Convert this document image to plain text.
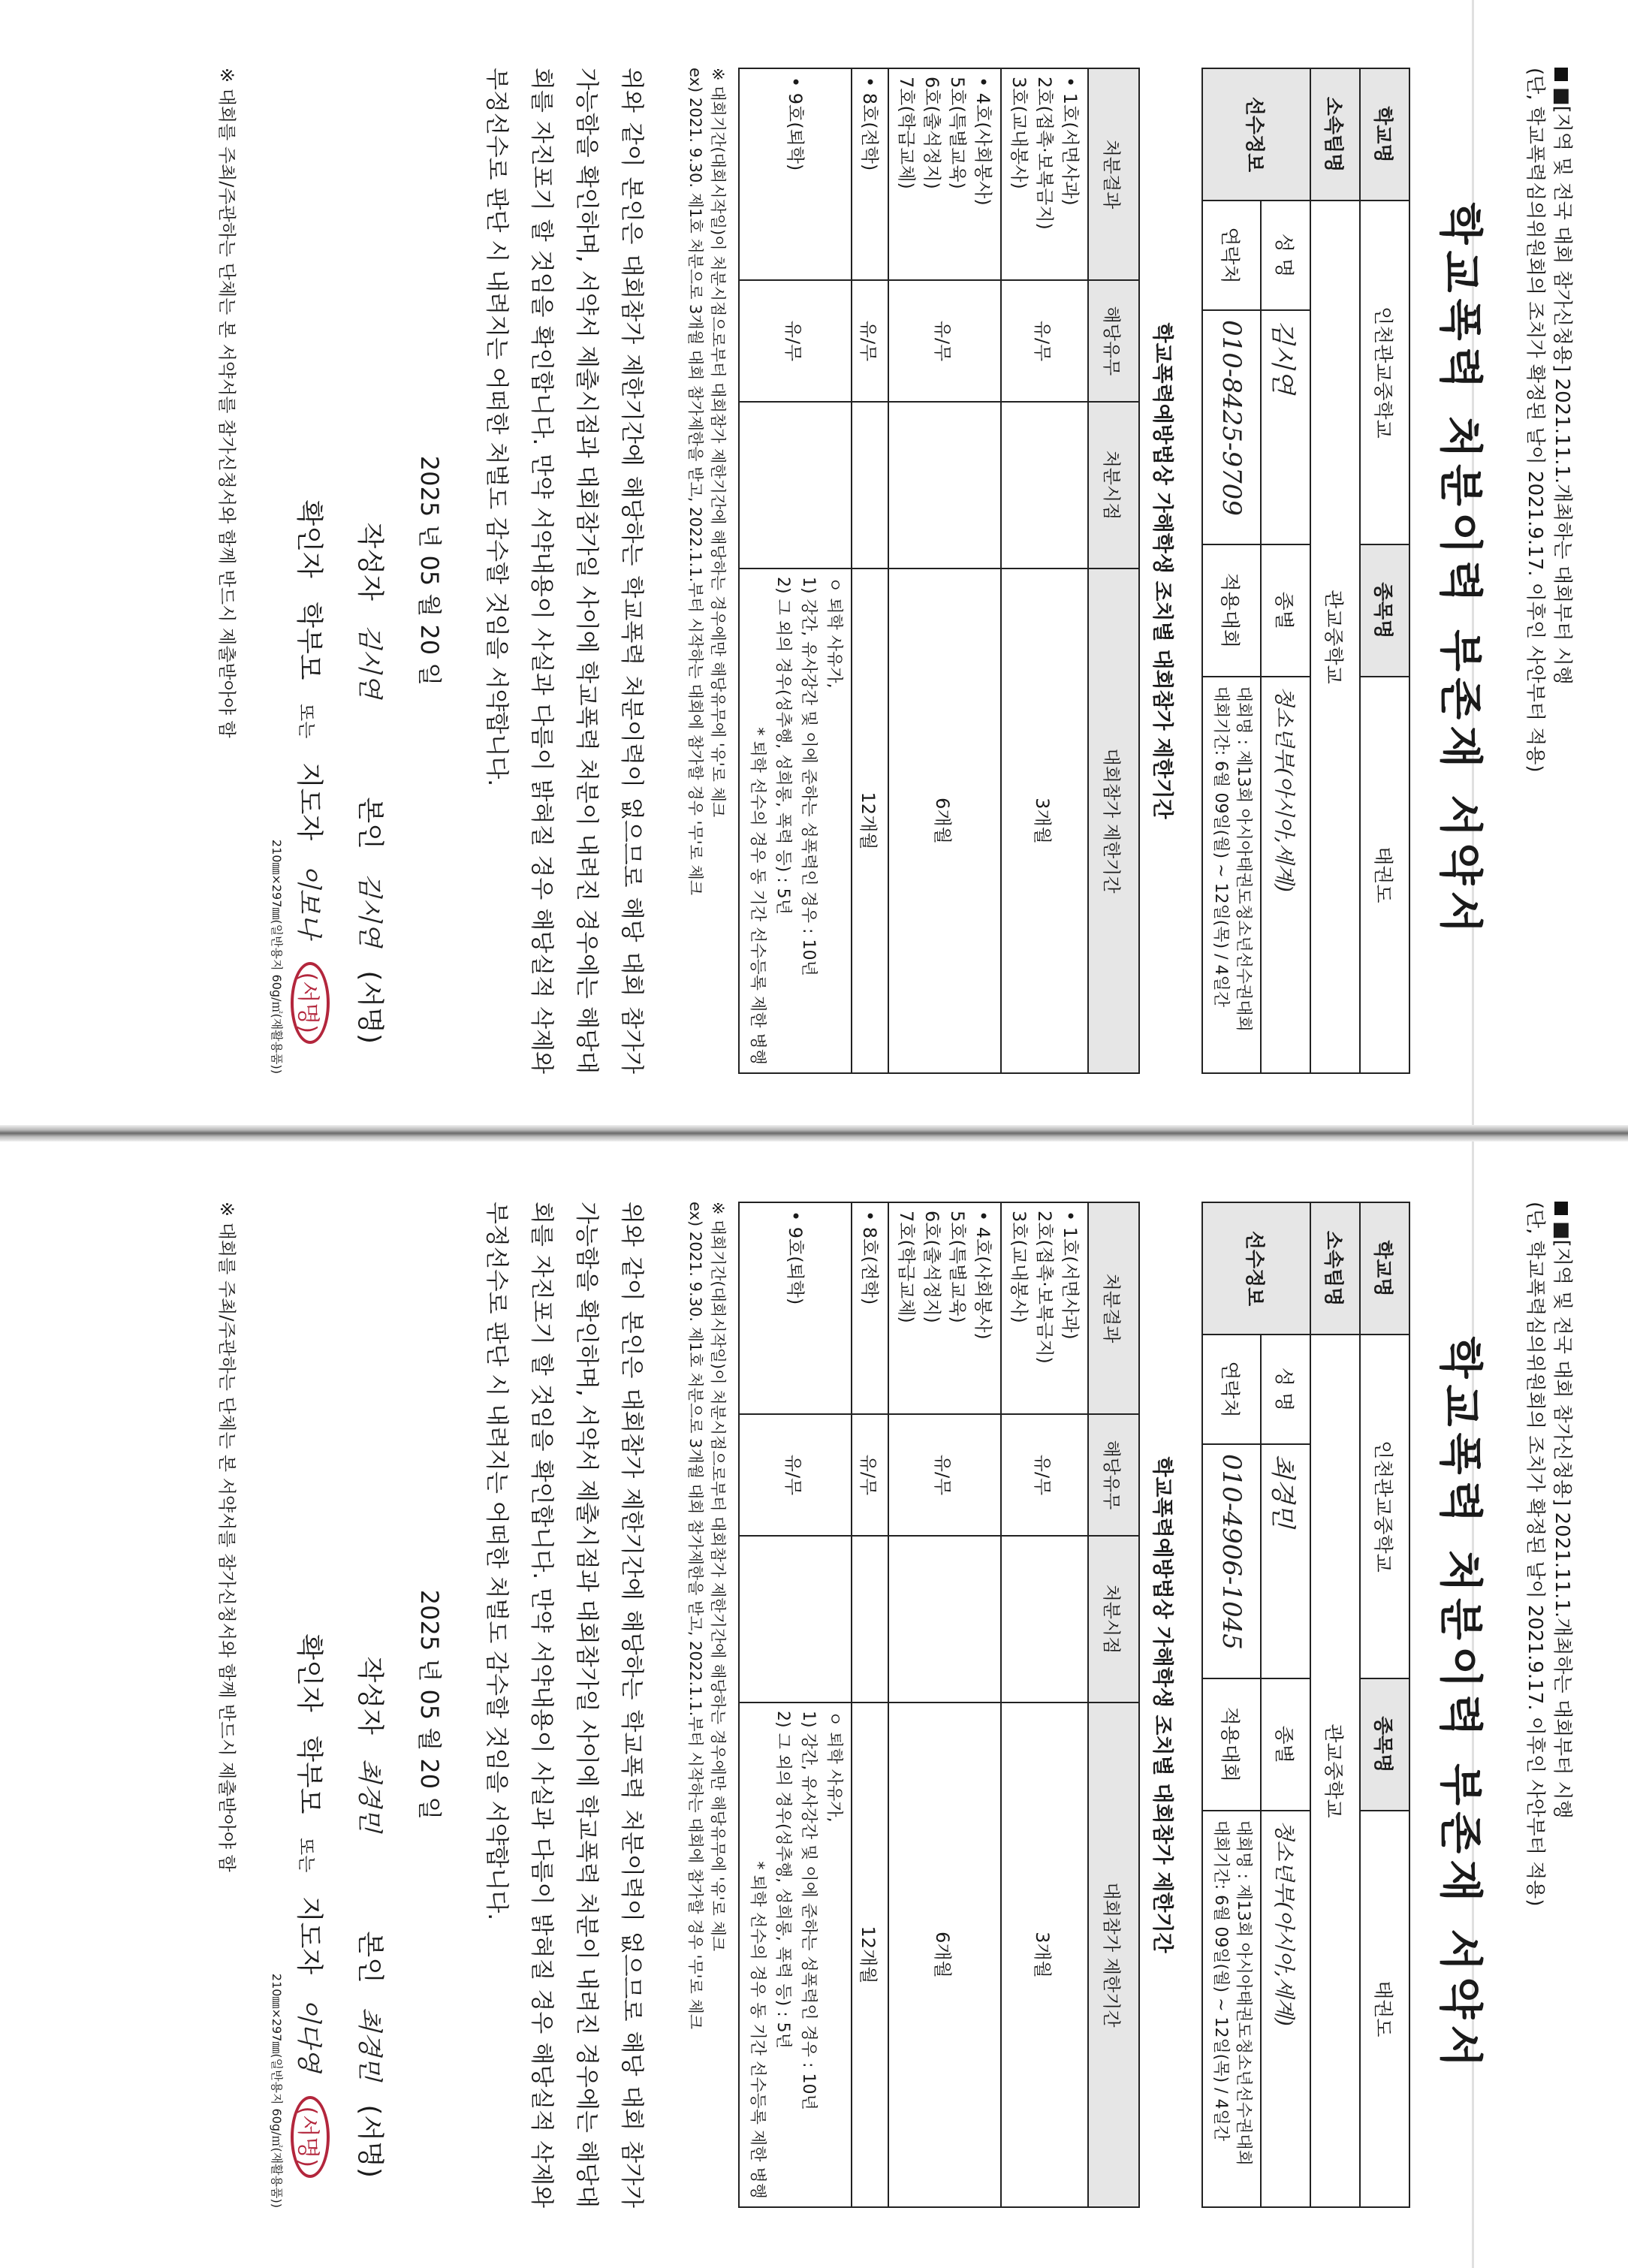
■[지역 및 전국 대회 참가신청용] 2021.11.1.개최하는 대회부터 시행
(단, 학교폭력심의위원회의 조치가 확정된 날이 2021.9.17. 이후인 사안부터 적용)

학교폭력 처분이력 부존재 서약서
학교명	인천관교중학교		종목명	태권도
소속팀명	관교중학교			
선수정보	성 명	김시연	종별	청소년부(아시아,세계)
	연락처	010-8425-9709	적용대회	대회명 : 제13회 아시아태권도청소년선수권대회
대회기간: 6월 09일(월) ~ 12일(목) / 4일간
학교폭력예방법상 가해학생 조치별 대회참가 제한기간
처분결과	해당유무	처분시점	대회참가 제한기간

• 1호(서면사과)
2호(접촉·보복금지)
3호(교내봉사)	유/무		3개월

• 4호(사회봉사)
5호(특별교육)
6호(출석정지)
7호(학급교체)	유/무		6개월

• 8호(전학)	유/무		12개월

• 9호(퇴학)	유/무		ㅇ 퇴학 사유가,
1) 강간, 유사강간 및 이에 준하는 성폭력인 경우 : 10년
2) 그 외의 경우(성추행, 성희롱, 폭력 등) : 5년
* 퇴학 선수의 경우 동 기간 선수등록 제한 병행
※ 대회기간(대회시작일)이 처분시점으로부터 대회참가 제한기간에 해당하는 경우에만 해당유무에 '유'로 체크
ex) 2021. 9.30. 제1호 처분으로 3개월 대회 참가제한을 받고, 2022.1.1.부터 시작하는 대회에 참가할 경우 '무'로 체크

위와 같이 본인은 대회참가 제한기간에 해당하는 학교폭력 처분이력이 없으므로 해당 대회 참가가 가능함을 확인하며, 서약서 제출시점과 대회참가일 사이에 학교폭력 처분이 내려진 경우에는 해당대회를 자진포기 할 것임을 확인합니다. 만약 서약내용이 사실과 다름이 밝혀질 경우 해당실적 삭제와 부정선수로 판단 시 내려지는 어떠한 처벌도 감수할 것임을 서약합니다.

2025 년 05 월 20 일
작성자 김시연 본인 김시연 (서명)
확인자 학부모 또는 지도자 이보나 (서명)
210㎜×297㎜(일반용지 60g/㎡(재활용품))
※ 대회를 주최/주관하는 단체는 본 서약서를 참가신청서와 함께 반드시 제출받아야 함

■[지역 및 전국 대회 참가신청용] 2021.11.1.개최하는 대회부터 시행
(단, 학교폭력심의위원회의 조치가 확정된 날이 2021.9.17. 이후인 사안부터 적용)

학교폭력 처분이력 부존재 서약서
학교명	인천관교중학교		종목명	태권도
소속팀명	관교중학교			
선수정보	성 명	최경민	종별	청소년부(아시아,세계)
	연락처	010-4906-1045	적용대회	대회명 : 제13회 아시아태권도청소년선수권대회
대회기간: 6월 09일(월) ~ 12일(목) / 4일간
학교폭력예방법상 가해학생 조치별 대회참가 제한기간
처분결과	해당유무	처분시점	대회참가 제한기간

• 1호(서면사과)
2호(접촉·보복금지)
3호(교내봉사)	유/무		3개월

• 4호(사회봉사)
5호(특별교육)
6호(출석정지)
7호(학급교체)	유/무		6개월

• 8호(전학)	유/무		12개월

• 9호(퇴학)	유/무		ㅇ 퇴학 사유가,
1) 강간, 유사강간 및 이에 준하는 성폭력인 경우 : 10년
2) 그 외의 경우(성추행, 성희롱, 폭력 등) : 5년
* 퇴학 선수의 경우 동 기간 선수등록 제한 병행
※ 대회기간(대회시작일)이 처분시점으로부터 대회참가 제한기간에 해당하는 경우에만 해당유무에 '유'로 체크
ex) 2021. 9.30. 제1호 처분으로 3개월 대회 참가제한을 받고, 2022.1.1.부터 시작하는 대회에 참가할 경우 '무'로 체크

위와 같이 본인은 대회참가 제한기간에 해당하는 학교폭력 처분이력이 없으므로 해당 대회 참가가 가능함을 확인하며, 서약서 제출시점과 대회참가일 사이에 학교폭력 처분이 내려진 경우에는 해당대회를 자진포기 할 것임을 확인합니다. 만약 서약내용이 사실과 다름이 밝혀질 경우 해당실적 삭제와 부정선수로 판단 시 내려지는 어떠한 처벌도 감수할 것임을 서약합니다.

2025 년 05 월 20 일
작성자 최경민 본인 최경민 (서명)
확인자 학부모 또는 지도자 이다영 (서명)
210㎜×297㎜(일반용지 60g/㎡(재활용품))
※ 대회를 주최/주관하는 단체는 본 서약서를 참가신청서와 함께 반드시 제출받아야 함
